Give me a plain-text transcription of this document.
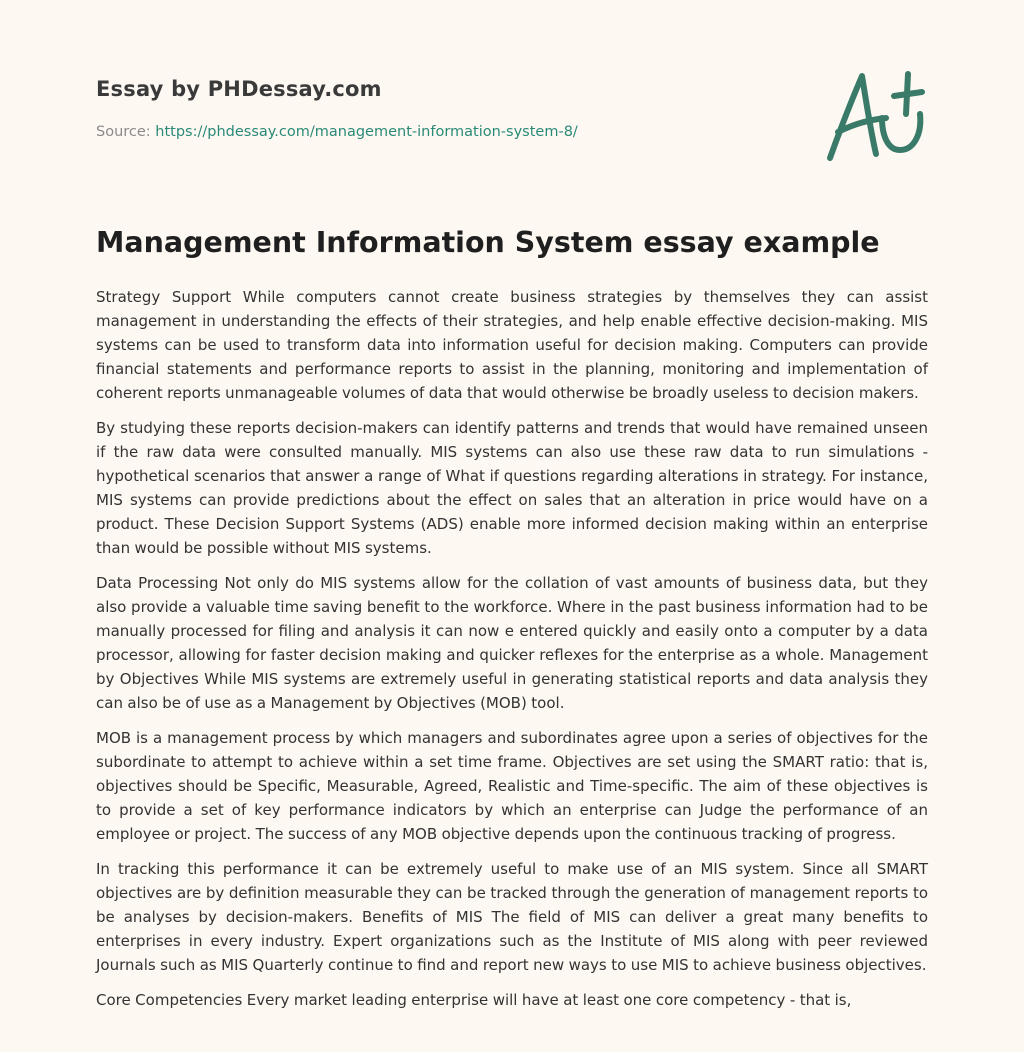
Essay by PHDessay.com
Source: https://phdessay.com/management-information-system-8/
Management Information System essay example

Strategy Support While computers cannot create business strategies by themselves they can assist management in understanding the effects of their strategies, and help enable effective decision-making. MIS systems can be used to transform data into information useful for decision making. Computers can provide financial statements and performance reports to assist in the planning, monitoring and implementation of coherent reports unmanageable volumes of data that would otherwise be broadly useless to decision makers.

By studying these reports decision-makers can identify patterns and trends that would have remained unseen if the raw data were consulted manually. MIS systems can also use these raw data to run simulations - hypothetical scenarios that answer a range of What if questions regarding alterations in strategy. For instance, MIS systems can provide predictions about the effect on sales that an alteration in price would have on a product. These Decision Support Systems (ADS) enable more informed decision making within an enterprise than would be possible without MIS systems.

Data Processing Not only do MIS systems allow for the collation of vast amounts of business data, but they also provide a valuable time saving benefit to the workforce. Where in the past business information had to be manually processed for filing and analysis it can now e entered quickly and easily onto a computer by a data processor, allowing for faster decision making and quicker reflexes for the enterprise as a whole. Management by Objectives While MIS systems are extremely useful in generating statistical reports and data analysis they can also be of use as a Management by Objectives (MOB) tool.

MOB is a management process by which managers and subordinates agree upon a series of objectives for the subordinate to attempt to achieve within a set time frame. Objectives are set using the SMART ratio: that is, objectives should be Specific, Measurable, Agreed, Realistic and Time-specific. The aim of these objectives is to provide a set of key performance indicators by which an enterprise can Judge the performance of an employee or project. The success of any MOB objective depends upon the continuous tracking of progress.

In tracking this performance it can be extremely useful to make use of an MIS system. Since all SMART objectives are by definition measurable they can be tracked through the generation of management reports to be analyses by decision-makers. Benefits of MIS The field of MIS can deliver a great many benefits to enterprises in every industry. Expert organizations such as the Institute of MIS along with peer reviewed Journals such as MIS Quarterly continue to find and report new ways to use MIS to achieve business objectives.

Core Competencies Every market leading enterprise will have at least one core competency - that is,
